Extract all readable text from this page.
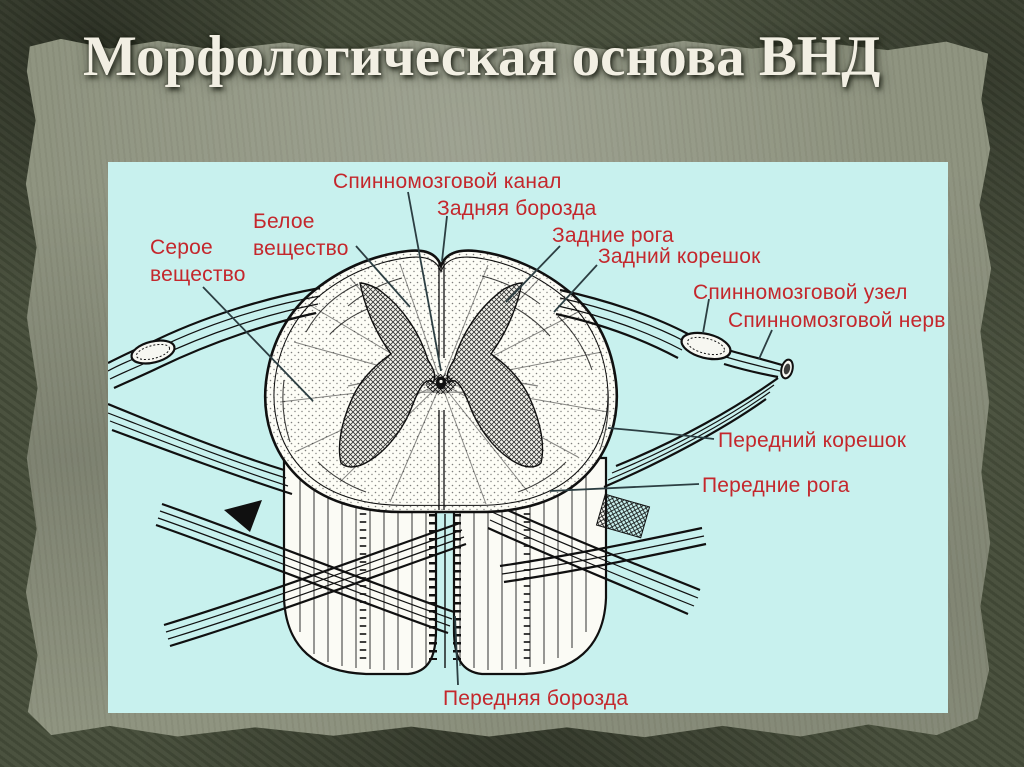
Морфологическая основа ВНД
Спинномозговой канал
Задняя борозда
Задние рога
Задний корешок
Спинномозговой узел
Спинномозговой нерв
Белое вещество
Серое вещество
Передний корешок
Передние рога
Передняя борозда
